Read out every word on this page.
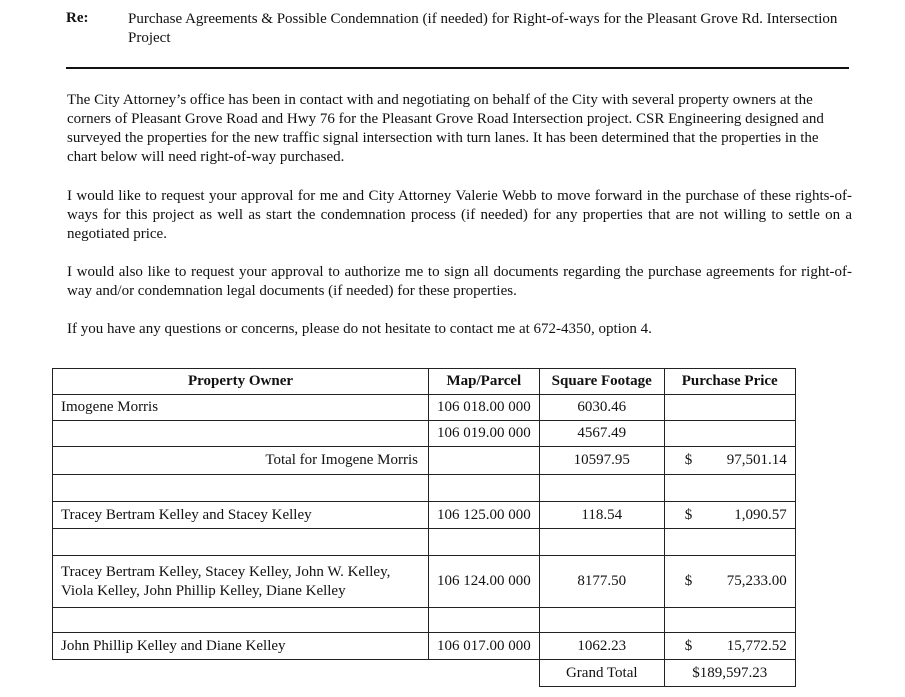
Re:	Purchase Agreements & Possible Condemnation (if needed) for Right-of-ways for the Pleasant Grove Rd. Intersection Project

The City Attorney’s office has been in contact with and negotiating on behalf of the City with several property owners at the corners of Pleasant Grove Road and Hwy 76 for the Pleasant Grove Road Intersection project. CSR Engineering designed and surveyed the properties for the new traffic signal intersection with turn lanes. It has been determined that the properties in the chart below will need right-of-way purchased.

I would like to request your approval for me and City Attorney Valerie Webb to move forward in the purchase of these rights-of-ways for this project as well as start the condemnation process (if needed) for any properties that are not willing to settle on a negotiated price.

I would also like to request your approval to authorize me to sign all documents regarding the purchase agreements for right-of-way and/or condemnation legal documents (if needed) for these properties.

If you have any questions or concerns, please do not hesitate to contact me at 672-4350, option 4.

Property Owner	Map/Parcel	Square Footage	Purchase Price
Imogene Morris	106 018.00 000	6030.46	
	106 019.00 000	4567.49	
Total for Imogene Morris		10597.95	$ 97,501.14

Tracey Bertram Kelley and Stacey Kelley	106 125.00 000	118.54	$ 1,090.57

Tracey Bertram Kelley, Stacey Kelley, John W. Kelley,
Viola Kelley, John Phillip Kelley, Diane Kelley	106 124.00 000	8177.50	$ 75,233.00

John Phillip Kelley and Diane Kelley	106 017.00 000	1062.23	$ 15,772.52

		Grand Total	$189,597.23
